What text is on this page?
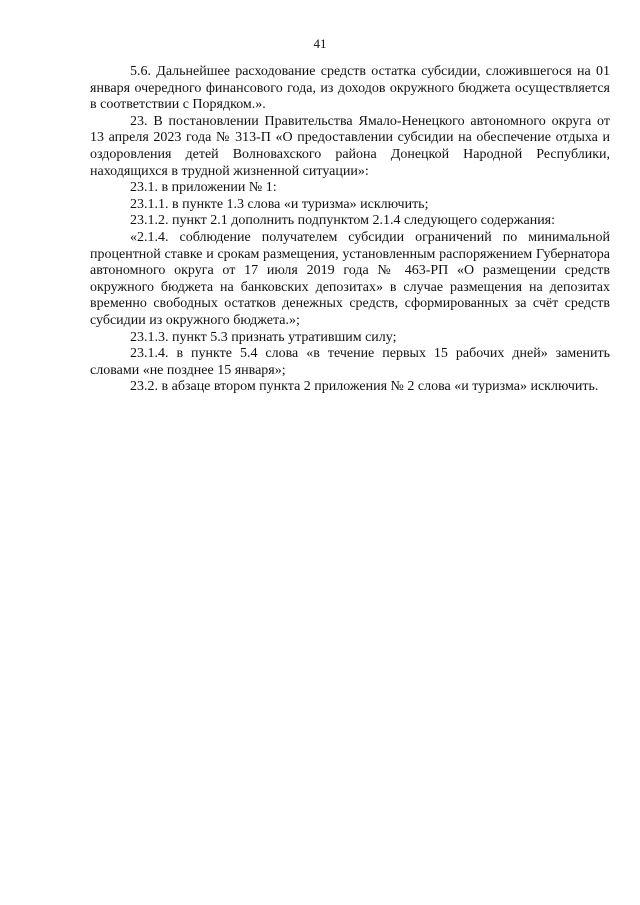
41

5.6. Дальнейшее расходование средств остатка субсидии, сложившегося на 01 января очередного финансового года, из доходов окружного бюджета осуществляется в соответствии с Порядком.».

23. В постановлении Правительства Ямало-Ненецкого автономного округа от 13 апреля 2023 года № 313-П «О предоставлении субсидии на обеспечение отдыха и оздоровления детей Волновахского района Донецкой Народной Республики, находящихся в трудной жизненной ситуации»:

23.1. в приложении № 1:

23.1.1. в пункте 1.3 слова «и туризма» исключить;

23.1.2. пункт 2.1 дополнить подпунктом 2.1.4 следующего содержания:

«2.1.4. соблюдение получателем субсидии ограничений по минимальной процентной ставке и срокам размещения, установленным распоряжением Губернатора автономного округа от 17 июля 2019 года № 463-РП «О размещении средств окружного бюджета на банковских депозитах» в случае размещения на депозитах временно свободных остатков денежных средств, сформированных за счёт средств субсидии из окружного бюджета.»;

23.1.3. пункт 5.3 признать утратившим силу;

23.1.4. в пункте 5.4 слова «в течение первых 15 рабочих дней» заменить словами «не позднее 15 января»;

23.2. в абзаце втором пункта 2 приложения № 2 слова «и туризма» исключить.
